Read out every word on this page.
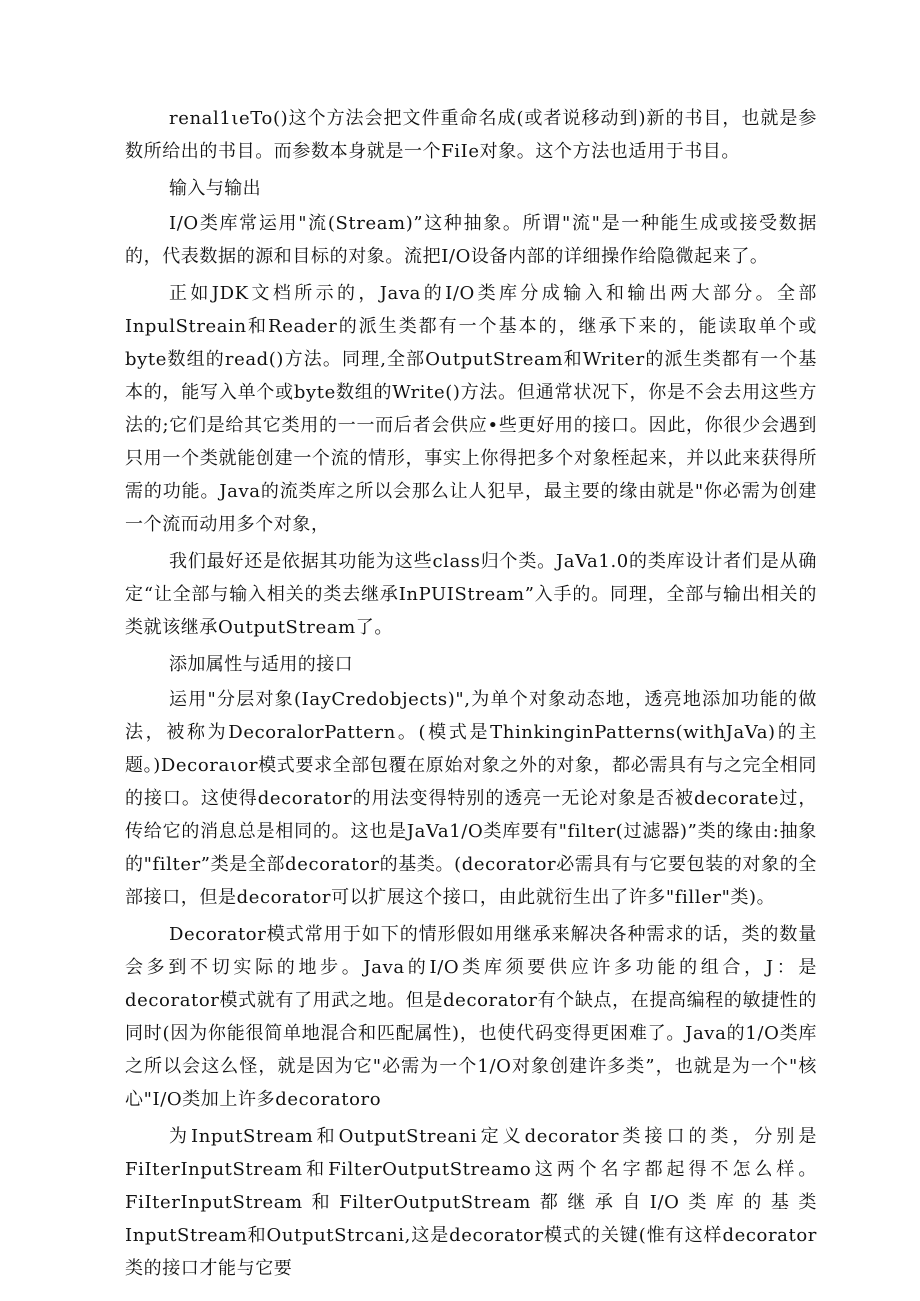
renal1ιeTo()这个方法会把文件重命名成(或者说移动到)新的书目，也就是参数所给出的书目。而参数本身就是一个FiIe对象。这个方法也适用于书目。

输入与输出

I/O类库常运用"流(Stream)”这种抽象。所谓"流"是一种能生成或接受数据的，代表数据的源和目标的对象。流把I/O设备内部的详细操作给隐微起来了。

正如JDK文档所示的，Java的I/O类库分成输入和输出两大部分。全部InpulStreain和Reader的派生类都有一个基本的，继承下来的，能读取单个或byte数组的read()方法。同理,全部OutputStream和Writer的派生类都有一个基本的，能写入单个或byte数组的Write()方法。但通常状况下，你是不会去用这些方法的;它们是给其它类用的一一而后者会供应•些更好用的接口。因此，你很少会遇到只用一个类就能创建一个流的情形，事实上你得把多个对象桎起来，并以此来获得所需的功能。Java的流类库之所以会那么让人犯早，最主要的缘由就是"你必需为创建一个流而动用多个对象，

我们最好还是依据其功能为这些class归个类。JaVa1.0的类库设计者们是从确定“让全部与输入相关的类去继承InPUIStream”入手的。同理，全部与输出相关的类就该继承OutputStream了。

添加属性与适用的接口

运用"分层对象(IayCredobjects)",为单个对象动态地，透亮地添加功能的做法，被称为DecoralorPattern。(模式是ThinkinginPatterns(withJaVa)的主题。)Decoraιor模式要求全部包覆在原始对象之外的对象，都必需具有与之完全相同的接口。这使得decorator的用法变得特别的透亮一无论对象是否被decorate过，传给它的消息总是相同的。这也是JaVa1/O类库要有"filter(过滤器)”类的缘由:抽象的"filter”类是全部decorator的基类。(decorator必需具有与它要包装的对象的全部接口，但是decorator可以扩展这个接口，由此就衍生出了许多"filler"类)。

Decorator模式常用于如下的情形假如用继承来解决各种需求的话，类的数量会多到不切实际的地步。Java的I/O类库须要供应许多功能的组合，J：是decorator模式就有了用武之地。但是decorator有个缺点，在提高编程的敏捷性的同时(因为你能很简单地混合和匹配属性)，也使代码变得更困难了。Java的1/O类库之所以会这么怪，就是因为它"必需为一个1/O对象创建许多类”，也就是为一个"核心"I/O类加上许多decoratoro

为InputStream和OutputStreani定义decorator类接口的类，分别是FiIterInputStream和FilterOutputStreamo这两个名字都起得不怎么样。FiIterInputStream和FilterOutputStream都继承自I/O类库的基类InputStream和OutputStrcani,这是decorator模式的关键(惟有这样decorator类的接口才能与它要
